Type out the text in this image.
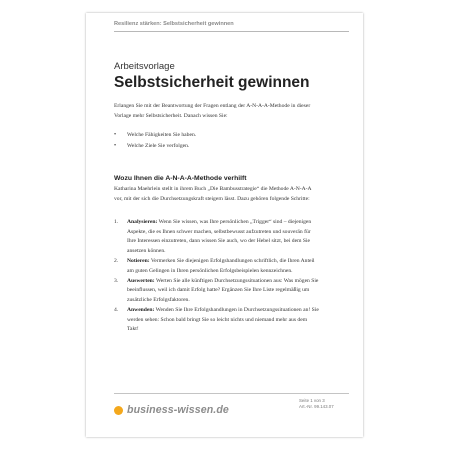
Resilienz stärken: Selbstsicherheit gewinnen
Arbeitsvorlage
Selbstsicherheit gewinnen
Erlangen Sie mit der Beantwortung der Fragen entlang der A-N-A-A-Methode in dieser Vorlage mehr Selbstsicherheit. Danach wissen Sie:
• Welche Fähigkeiten Sie haben.
• Welche Ziele Sie verfolgen.
Wozu Ihnen die A-N-A-A-Methode verhilft
Katharina Maehrlein stellt in ihrem Buch „Die Bambusstrategie“ die Methode A-N-A-A vor, mit der sich die Durchsetzungskraft steigern lässt. Dazu gehören folgende Schritte:
1. Analysieren: Wenn Sie wissen, was Ihre persönlichen „Trigger“ sind – diejenigen Aspekte, die es Ihnen schwer machen, selbstbewusst aufzutreten und souverän für Ihre Interessen einzutreten, dann wissen Sie auch, wo der Hebel sitzt, bei dem Sie ansetzen können.
2. Notieren: Vermerken Sie diejenigen Erfolgshandlungen schriftlich, die Ihren Anteil am guten Gelingen in Ihren persönlichen Erfolgsbeispielen kennzeichnen.
3. Auswerten: Werten Sie alle künftigen Durchsetzungssituationen aus: Was mögen Sie beeinflussen, weil ich damit Erfolg hatte? Ergänzen Sie Ihre Liste regelmäßig um zusätzliche Erfolgsfaktoren.
4. Anwenden: Wenden Sie Ihre Erfolgshandlungen in Durchsetzungssituationen an! Sie werden sehen: Schon bald bringt Sie so leicht nichts und niemand mehr aus dem Takt!
business-wissen.de
Seite 1 von 3
Art.-Nr. 99.143.07
